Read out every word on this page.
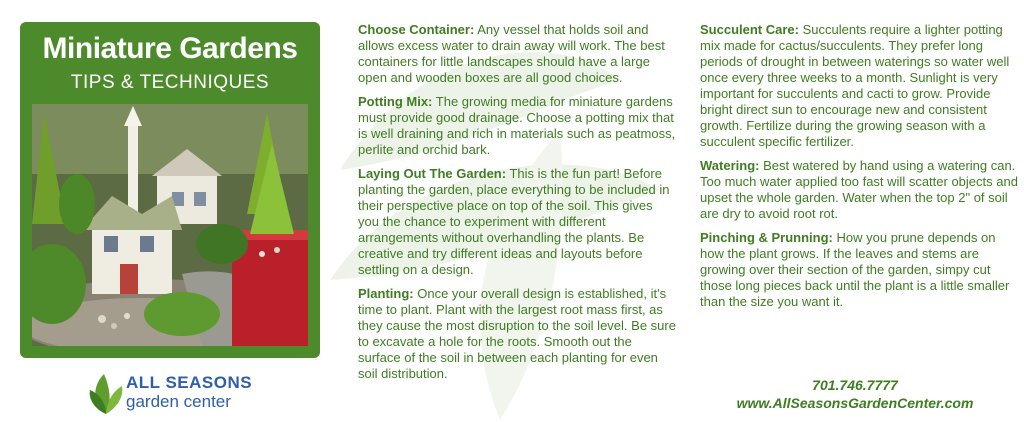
Miniature Gardens
TIPS & TECHNIQUES
ALL SEASONS
garden center

Choose Container: Any vessel that holds soil and allows excess water to drain away will work. The best containers for little landscapes should have a large open and wooden boxes are all good choices.

Potting Mix: The growing media for miniature gardens must provide good drainage. Choose a potting mix that is well draining and rich in materials such as peatmoss, perlite and orchid bark.

Laying Out The Garden: This is the fun part! Before planting the garden, place everything to be included in their perspective place on top of the soil. This gives you the chance to experiment with different arrangements without overhandling the plants. Be creative and try different ideas and layouts before settling on a design.

Planting: Once your overall design is established, it's time to plant. Plant with the largest root mass first, as they cause the most disruption to the soil level. Be sure to excavate a hole for the roots. Smooth out the surface of the soil in between each planting for even soil distribution.

Succulent Care: Succulents require a lighter potting mix made for cactus/succulents. They prefer long periods of drought in between waterings so water well once every three weeks to a month. Sunlight is very important for succulents and cacti to grow. Provide bright direct sun to encourage new and consistent growth. Fertilize during the growing season with a succulent specific fertilizer.

Watering: Best watered by hand using a watering can. Too much water applied too fast will scatter objects and upset the whole garden. Water when the top 2" of soil are dry to avoid root rot.

Pinching & Prunning: How you prune depends on how the plant grows. If the leaves and stems are growing over their section of the garden, simpy cut those long pieces back until the plant is a little smaller than the size you want it.

701.746.7777
www.AllSeasonsGardenCenter.com
